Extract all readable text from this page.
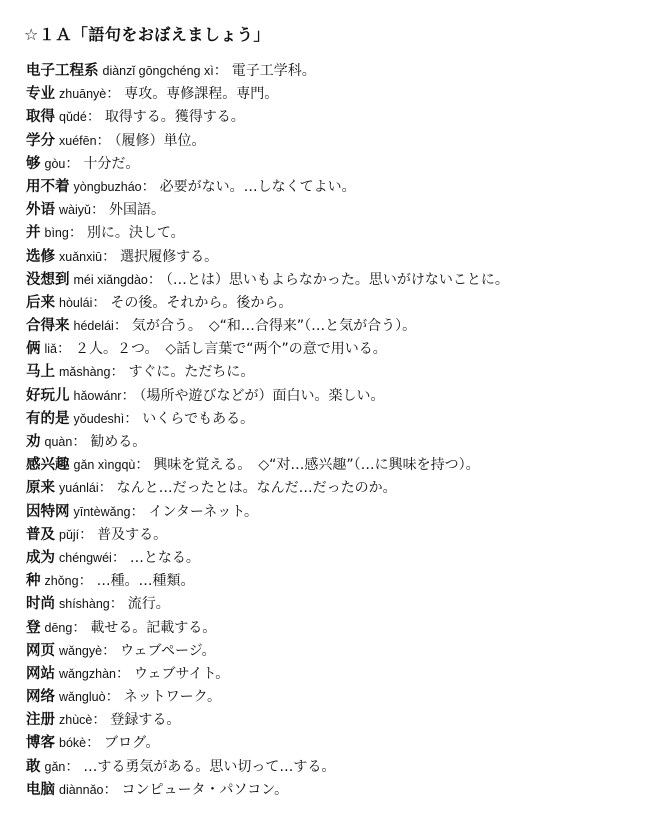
☆１Ａ「語句をおぼえましょう」
电子工程系 diànzǐ gōngchéng xì： 電子工学科。
专业 zhuānyè： 専攻。専修課程。専門。
取得 qǔdé： 取得する。獲得する。
学分 xuéfēn： （履修）単位。
够 gòu： 十分だ。
用不着 yòngbuzháo： 必要がない。…しなくてよい。
外语 wàiyǔ： 外国語。
并 bìng： 別に。決して。
选修 xuǎnxiū： 選択履修する。
没想到 méi xiǎngdào： （…とは）思いもよらなかった。思いがけないことに。
后来 hòulái： その後。それから。後から。
合得来 hédelái： 気が合う。　◇“和…合得来”（…と気が合う）。
俩 liǎ： ２人。２つ。　◇話し言葉で“两个”の意で用いる。
马上 mǎshàng： すぐに。ただちに。
好玩儿 hǎowánr： （場所や遊びなどが）面白い。楽しい。
有的是 yǒudeshì： いくらでもある。
劝 quàn： 勧める。
感兴趣 gǎn xìngqù： 興味を覚える。　◇“对…感兴趣”（…に興味を持つ）。
原来 yuánlái： なんと…だったとは。なんだ…だったのか。
因特网 yīntèwǎng： インターネット。
普及 pǔjí： 普及する。
成为 chéngwéi： …となる。
种 zhǒng： …種。…種類。
时尚 shíshàng： 流行。
登 dēng： 載せる。記載する。
网页 wǎngyè： ウェブページ。
网站 wǎngzhàn： ウェブサイト。
网络 wǎngluò： ネットワーク。
注册 zhùcè： 登録する。
博客 bókè： ブログ。
敢 gǎn： …する勇気がある。思い切って…する。
电脑 diànnǎo： コンピュータ・パソコン。
